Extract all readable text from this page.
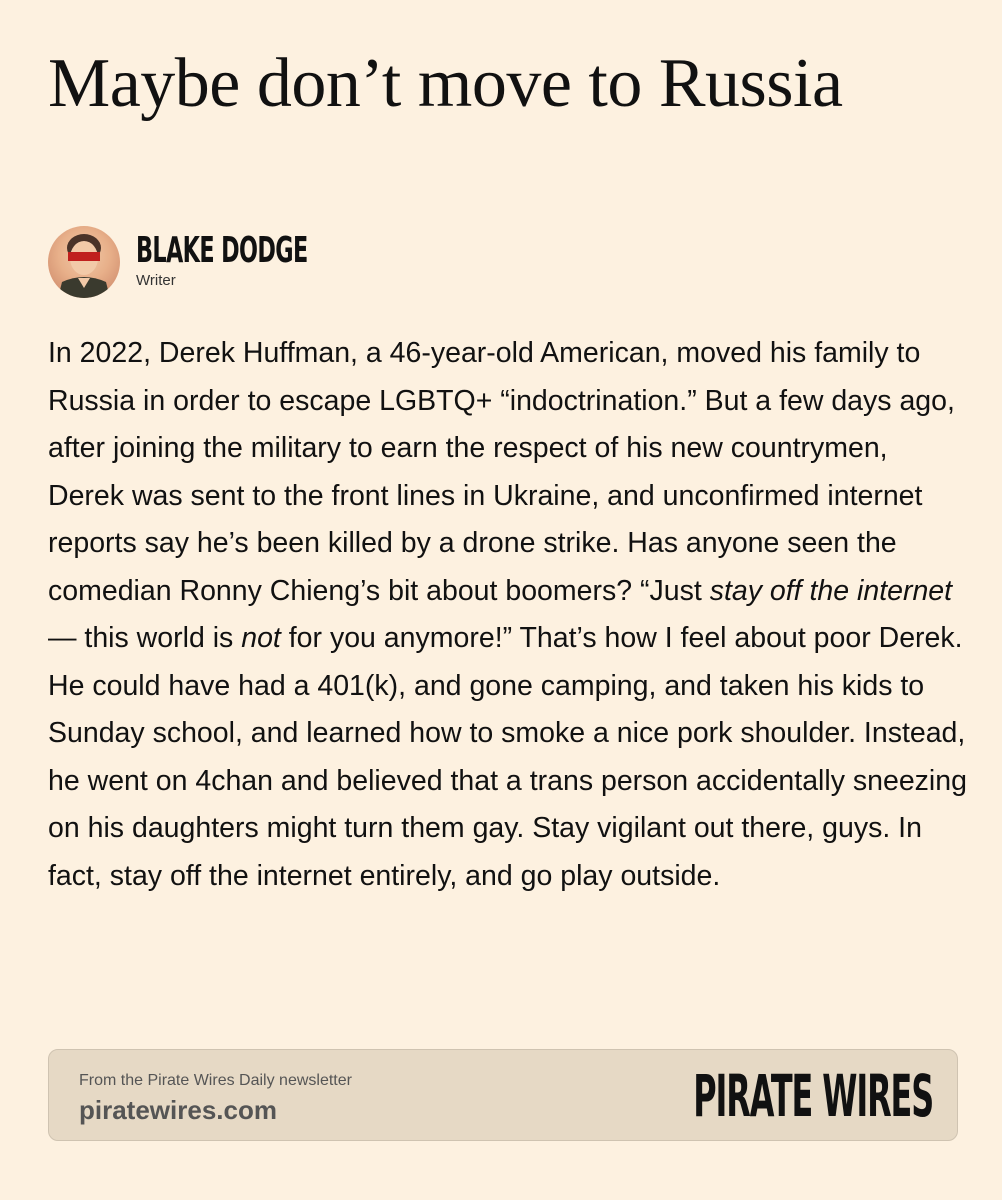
Maybe don’t move to Russia
BLAKE DODGE
Writer

In 2022, Derek Huffman, a 46-year-old American, moved his family to Russia in order to escape LGBTQ+ “indoctrination.” But a few days ago, after joining the military to earn the respect of his new countrymen, Derek was sent to the front lines in Ukraine, and unconfirmed internet reports say he’s been killed by a drone strike. Has anyone seen the comedian Ronny Chieng’s bit about boomers? “Just stay off the internet — this world is not for you anymore!” That’s how I feel about poor Derek. He could have had a 401(k), and gone camping, and taken his kids to Sunday school, and learned how to smoke a nice pork shoulder. Instead, he went on 4chan and believed that a trans person accidentally sneezing on his daughters might turn them gay. Stay vigilant out there, guys. In fact, stay off the internet entirely, and go play outside.

From the Pirate Wires Daily newsletter
piratewires.com	PIRATE WIRES
